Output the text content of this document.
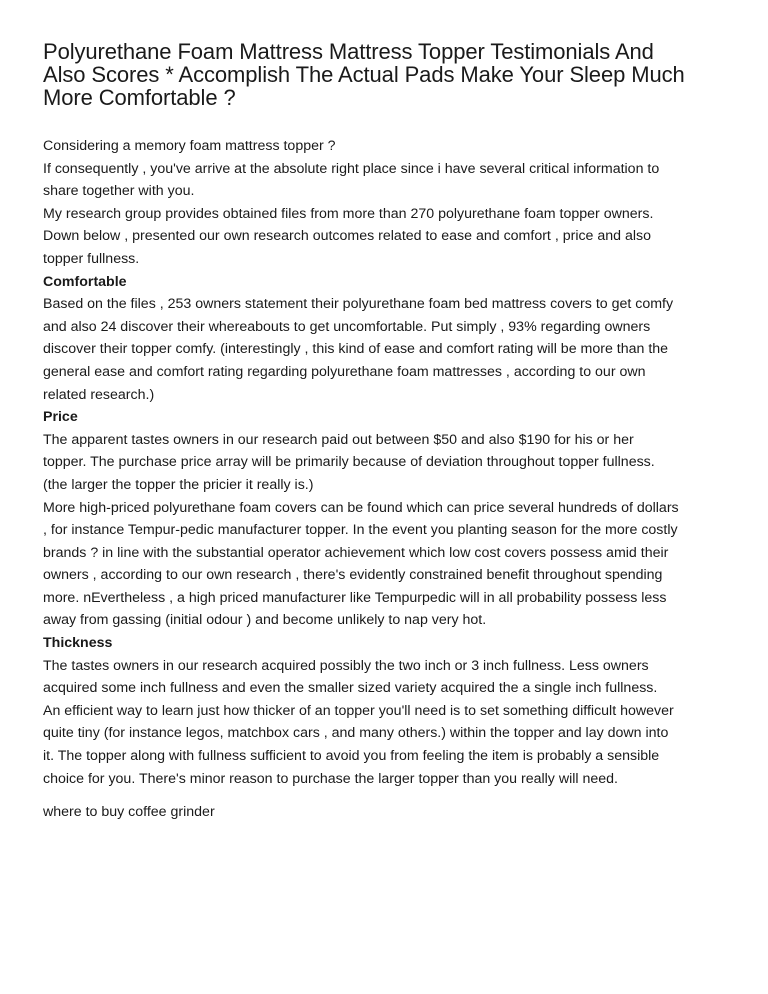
Polyurethane Foam Mattress Mattress Topper Testimonials And
Also Scores * Accomplish The Actual Pads Make Your Sleep Much
More Comfortable ?
Considering a memory foam mattress topper ?
If consequently , you've arrive at the absolute right place since i have several critical information to
share together with you.
My research group provides obtained files from more than 270 polyurethane foam topper owners.
Down below , presented our own research outcomes related to ease and comfort , price and also
topper fullness.
Comfortable
Based on the files , 253 owners statement their polyurethane foam bed mattress covers to get comfy
and also 24 discover their whereabouts to get uncomfortable. Put simply , 93% regarding owners
discover their topper comfy. (interestingly , this kind of ease and comfort rating will be more than the
general ease and comfort rating regarding polyurethane foam mattresses , according to our own
related research.)
Price
The apparent tastes owners in our research paid out between $50 and also $190 for his or her
topper. The purchase price array will be primarily because of deviation throughout topper fullness.
(the larger the topper the pricier it really is.)
More high-priced polyurethane foam covers can be found which can price several hundreds of dollars
, for instance Tempur-pedic manufacturer topper. In the event you planting season for the more costly
brands ? in line with the substantial operator achievement which low cost covers possess amid their
owners , according to our own research , there's evidently constrained benefit throughout spending
more. nEvertheless , a high priced manufacturer like Tempurpedic will in all probability possess less
away from gassing (initial odour ) and become unlikely to nap very hot.
Thickness
The tastes owners in our research acquired possibly the two inch or 3 inch fullness. Less owners
acquired some inch fullness and even the smaller sized variety acquired the a single inch fullness.
An efficient way to learn just how thicker of an topper you'll need is to set something difficult however
quite tiny (for instance legos, matchbox cars , and many others.) within the topper and lay down into
it. The topper along with fullness sufficient to avoid you from feeling the item is probably a sensible
choice for you. There's minor reason to purchase the larger topper than you really will need.
where to buy coffee grinder
